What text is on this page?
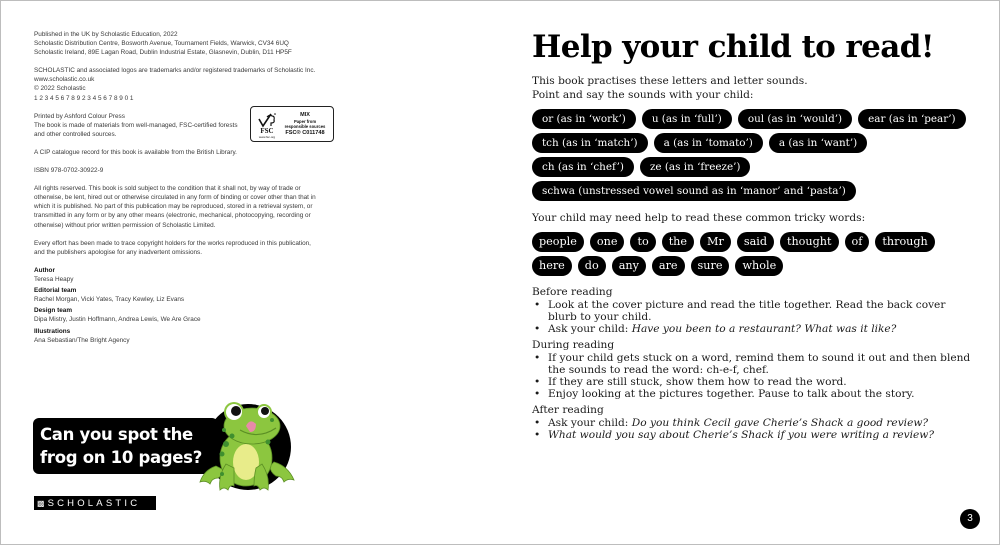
Published in the UK by Scholastic Education, 2022
Scholastic Distribution Centre, Bosworth Avenue, Tournament Fields, Warwick, CV34 6UQ
Scholastic Ireland, 89E Lagan Road, Dublin Industrial Estate, Glasnevin, Dublin, D11 HP5F

SCHOLASTIC and associated logos are trademarks and/or registered trademarks of Scholastic Inc.
www.scholastic.co.uk
© 2022 Scholastic
1 2 3 4 5 6 7 8 9 2 3 4 5 6 7 8 9 0 1

Printed by Ashford Colour Press
The book is made of materials from well-managed, FSC-certified forests
and other controlled sources.

A CIP catalogue record for this book is available from the British Library.

ISBN 978-0702-30922-9

All rights reserved. This book is sold subject to the condition that it shall not, by way of trade or
otherwise, be lent, hired out or otherwise circulated in any form of binding or cover other than that in
which it is published. No part of this publication may be reproduced, stored in a retrieval system, or
transmitted in any form or by any other means (electronic, mechanical, photocopying, recording or
otherwise) without prior written permission of Scholastic Limited.

Every effort has been made to trace copyright holders for the works reproduced in this publication,
and the publishers apologise for any inadvertent omissions.

FSC
www.fsc.org
MIX
Paper from
responsible sources
FSC® C011748
Author
Teresa Heapy
Editorial team
Rachel Morgan, Vicki Yates, Tracy Kewley, Liz Evans
Design team
Dipa Mistry, Justin Hoffmann, Andrea Lewis, We Are Grace
Illustrations
Ana Sebastian/The Bright Agency
Can you spot the
frog on 10 pages?
▩ SCHOLASTIC
Help your child to read!
This book practises these letters and letter sounds.
Point and say the sounds with your child:
or (as in ‘work’)	u (as in ‘full’)	oul (as in ‘would’)	ear (as in ‘pear’)
tch (as in ‘match’)	a (as in ‘tomato’)	a (as in ‘want’)
ch (as in ‘chef’)	ze (as in ‘freeze’)
schwa (unstressed vowel sound as in ‘manor’ and ‘pasta’)
Your child may need help to read these common tricky words:
people	one	to	the	Mr	said	thought	of	through
here	do	any	are	sure	whole
Before reading
• Look at the cover picture and read the title together. Read the back cover blurb to your child.
• Ask your child: Have you been to a restaurant? What was it like?
During reading
• If your child gets stuck on a word, remind them to sound it out and then blend the sounds to read the word: ch-e-f, chef.
• If they are still stuck, show them how to read the word.
• Enjoy looking at the pictures together. Pause to talk about the story.
After reading
• Ask your child: Do you think Cecil gave Cherie’s Shack a good review?
• What would you say about Cherie’s Shack if you were writing a review?
3
